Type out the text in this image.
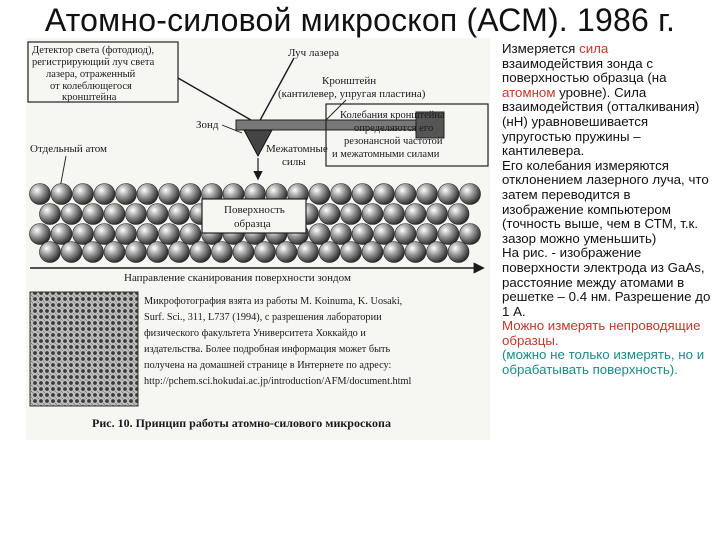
Атомно-силовой микроскоп (АСМ). 1986 г.
Детектор света (фотодиод), регистрирующий луч света лазера, отраженный от колеблющегося кронштейна
Луч лазера
Кронштейн (кантилевер, упругая пластина)
Зонд
Колебания кронштейна определяются его резонансной частотой и межатомными силами
Межатомные силы
Отдельный атом
Поверхность образца
Направление сканирования поверхности зондом
Микрофотография взята из работы M. Koinuma, K. Uosaki, Surf. Sci., 311, L737 (1994), с разрешения лаборатории физического факультета Университета Хоккайдо и издательства. Более подробная информация может быть получена на домашней странице в Интернете по адресу: http://pchem.sci.hokudai.ac.jp/introduction/AFM/document.html
Рис. 10. Принцип работы атомно-силового микроскопа

Измеряется сила взаимодействия зонда с поверхностью образца (на атомном уровне). Сила взаимодействия (отталкивания) (нН) уравновешивается упругостью пружины – кантилевера.

Его колебания измеряются отклонением лазерного луча, что затем переводится в изображение компьютером (точность выше, чем в СТМ, т.к. зазор можно уменьшить)

На рис. - изображение поверхности электрода из GaAs, расстояние между атомами в решетке – 0.4 нм. Разрешение до 1 А.

Можно измерять непроводящие образцы.

(можно не только измерять, но и обрабатывать поверхность).
